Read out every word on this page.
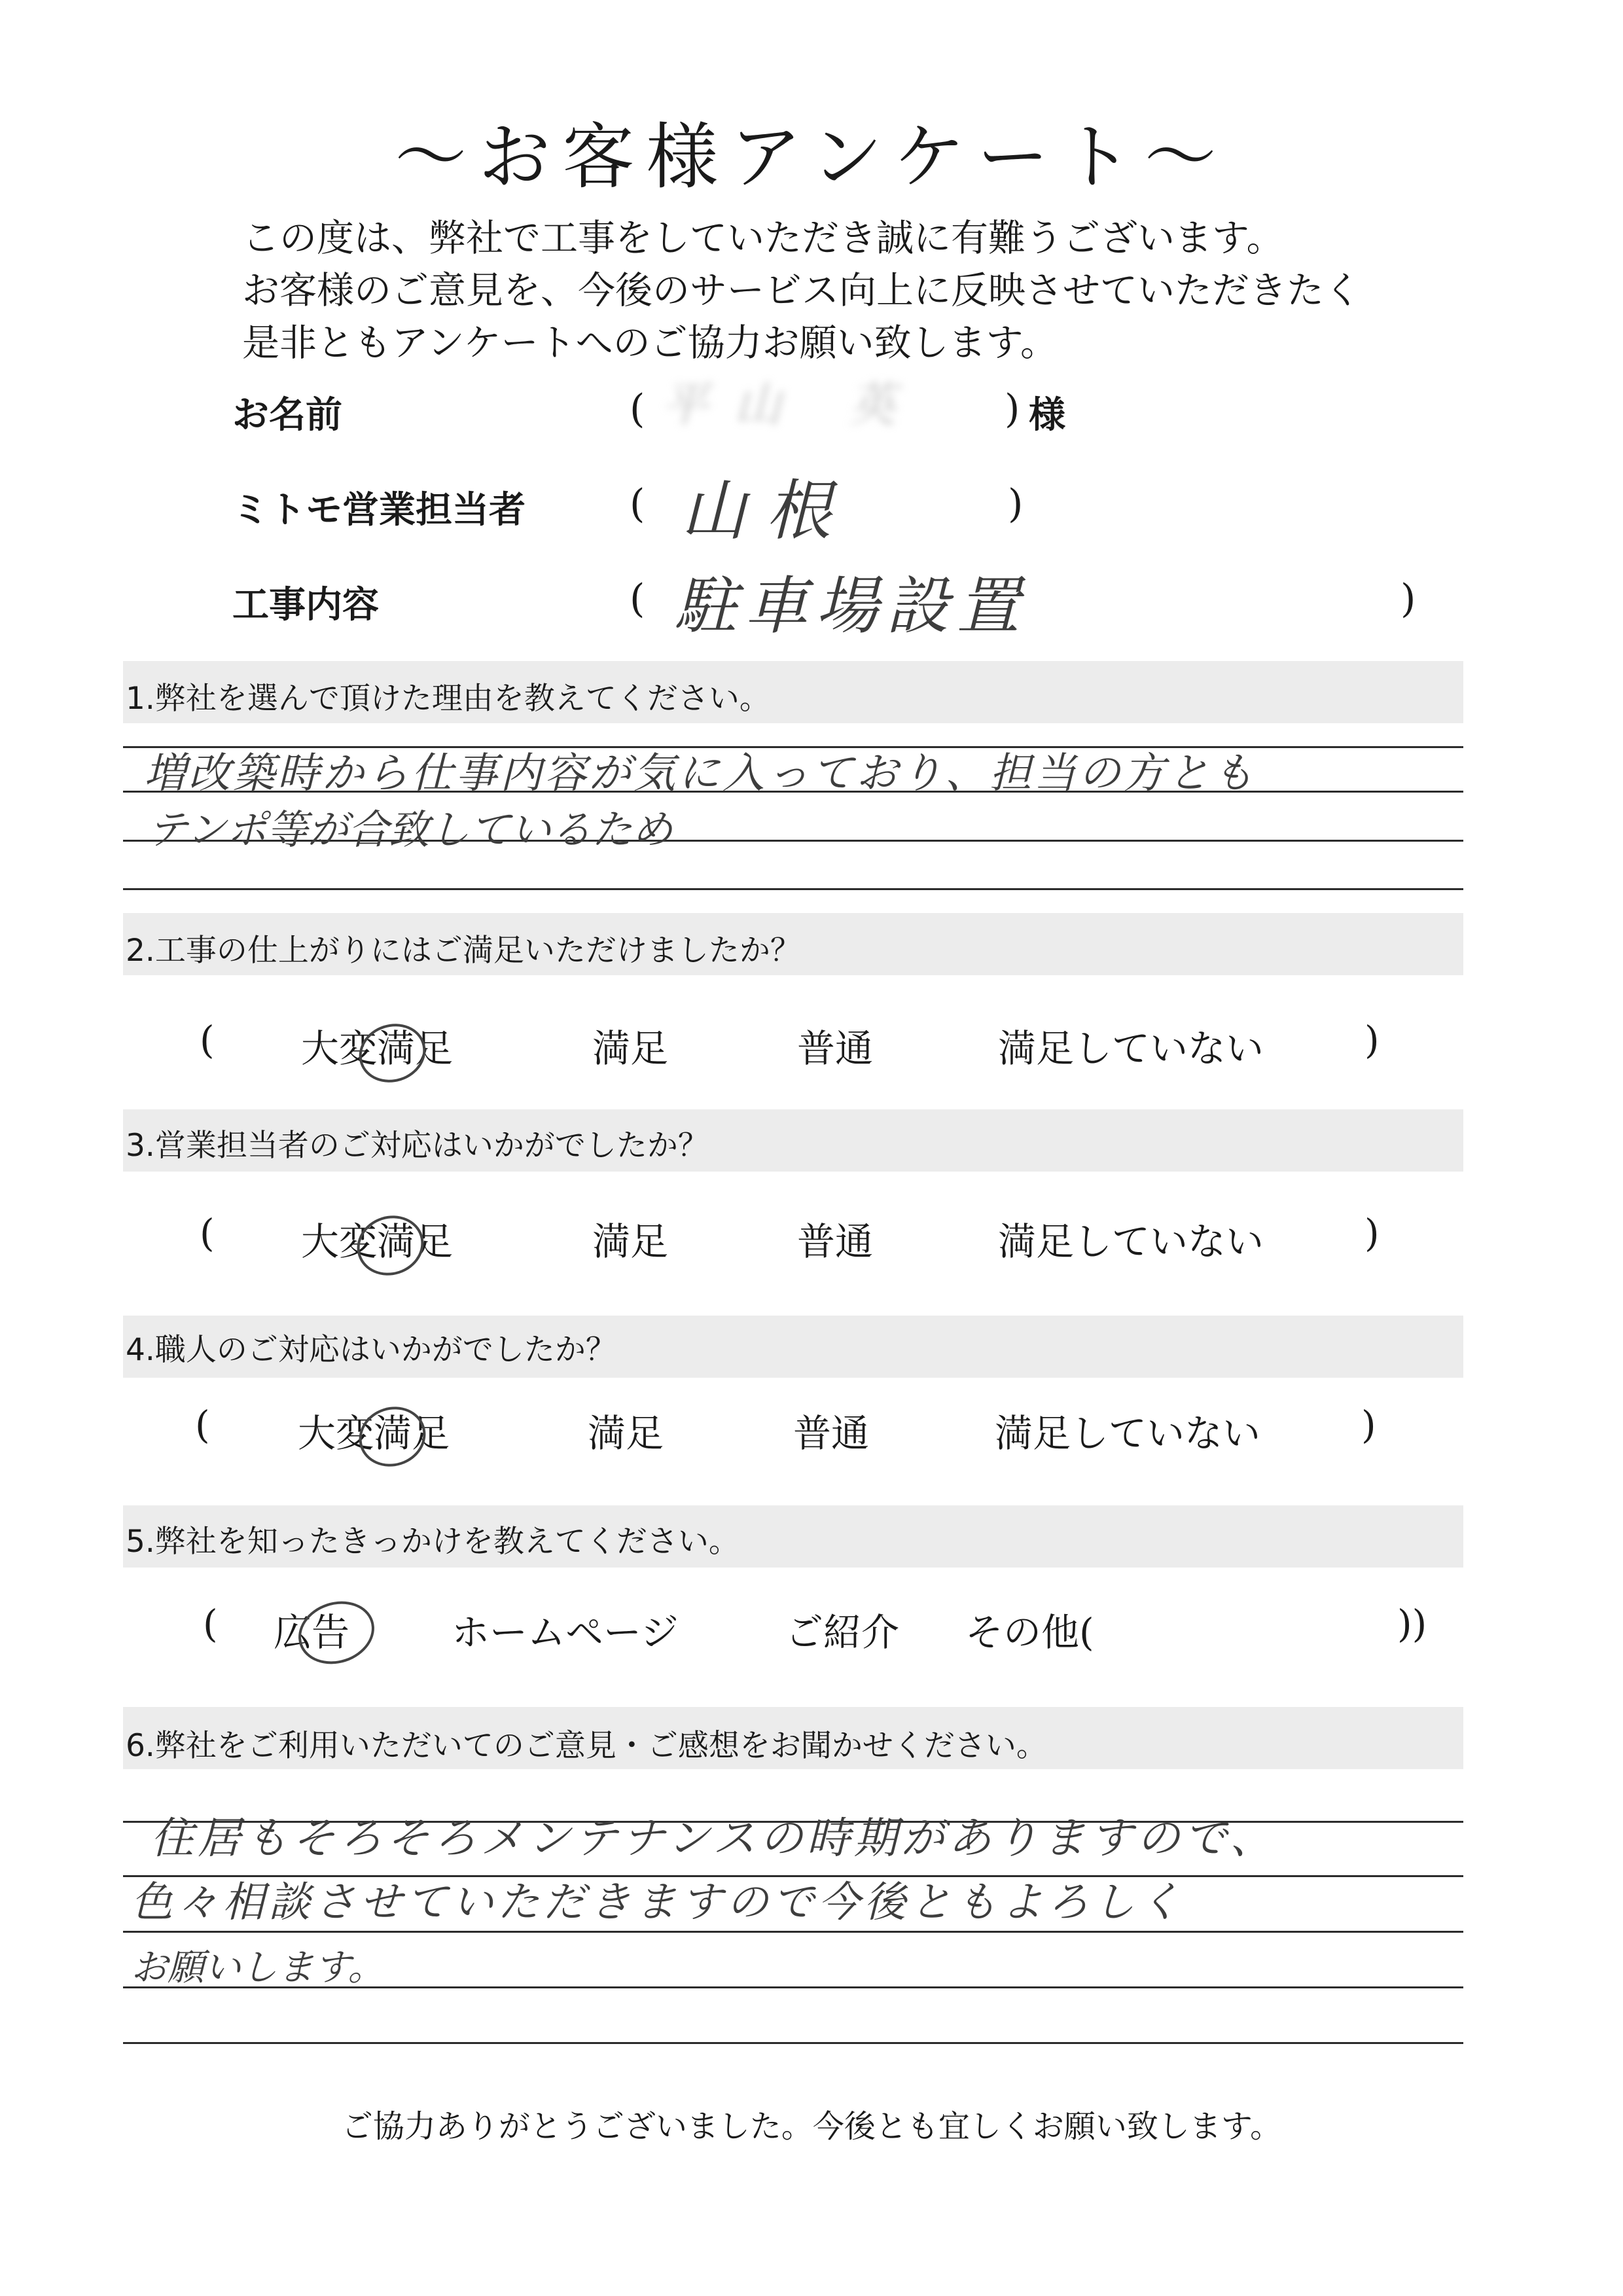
〜お客様アンケート〜
この度は、弊社で工事をしていただき誠に有難うございます。
お客様のご意見を、今後のサービス向上に反映させていただきたく
是非ともアンケートへのご協力お願い致します。
お名前	( 平山 英 ) 様
ミトモ営業担当者	( 山根	)
工事内容	( 駐車場設置	)
1.弊社を選んで頂けた理由を教えてください。
増改築時から仕事内容が気に入っており、担当の方とも
テンポ等が合致しているため
2.工事の仕上がりにはご満足いただけましたか？
( 大変満足	満足	普通	満足していない	)
3.営業担当者のご対応はいかがでしたか？
( 大変満足	満足	普通	満足していない	)
4.職人のご対応はいかがでしたか？
( 大変満足	満足	普通	満足していない	)
5.弊社を知ったきっかけを教えてください。
( 広告	ホームページ	ご紹介 その他(	))
6.弊社をご利用いただいてのご意見・ご感想をお聞かせください。
住居もそろそろメンテナンスの時期がありますので、
色々相談させていただきますので今後ともよろしく
お願いします。
ご協力ありがとうございました。今後とも宜しくお願い致します。
